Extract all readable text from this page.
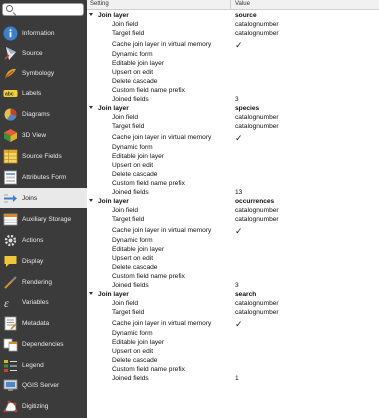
Information
Source
Symbology
abc Labels
Diagrams
3D View
Source Fields
Attributes Form
Joins
Auxiliary Storage
Actions
Display
Rendering
ε Variables
Metadata
Dependencies
Legend
QGIS Server
Digitizing
Setting	Value
Join layer	source
Join field	catalognumber
Target field	catalognumber
Cache join layer in virtual memory	✓
Dynamic form
Editable join layer
Upsert on edit
Delete cascade
Custom field name prefix
Joined fields	3
Join layer	species
Join field	catalognumber
Target field	catalognumber
Cache join layer in virtual memory	✓
Dynamic form
Editable join layer
Upsert on edit
Delete cascade
Custom field name prefix
Joined fields	13
Join layer	occurrences
Join field	catalognumber
Target field	catalognumber
Cache join layer in virtual memory	✓
Dynamic form
Editable join layer
Upsert on edit
Delete cascade
Custom field name prefix
Joined fields	3
Join layer	search
Join field	catalognumber
Target field	catalognumber
Cache join layer in virtual memory	✓
Dynamic form
Editable join layer
Upsert on edit
Delete cascade
Custom field name prefix
Joined fields	1
